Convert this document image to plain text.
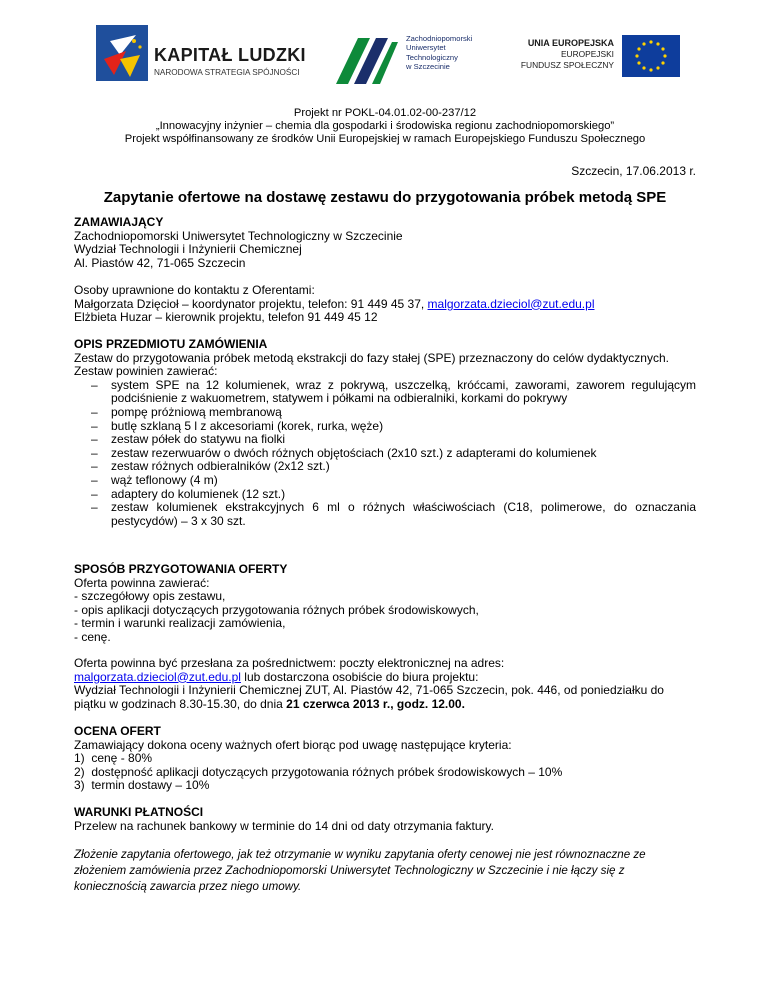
KAPITAŁ LUDZKI
NARODOWA STRATEGIA SPÓJNOŚCI
Zachodniopomorski
Uniwersytet
Technologiczny
w Szczecinie
UNIA EUROPEJSKA
EUROPEJSKI
FUNDUSZ SPOŁECZNY
Projekt nr POKL-04.01.02-00-237/12
„Innowacyjny inżynier – chemia dla gospodarki i środowiska regionu zachodniopomorskiego”
Projekt współfinansowany ze środków Unii Europejskiej w ramach Europejskiego Funduszu Społecznego
Szczecin, 17.06.2013 r.
Zapytanie ofertowe na dostawę zestawu do przygotowania próbek metodą SPE
ZAMAWIAJĄCY
Zachodniopomorski Uniwersytet Technologiczny w Szczecinie
Wydział Technologii i Inżynierii Chemicznej
Al. Piastów 42, 71-065 Szczecin
Osoby uprawnione do kontaktu z Oferentami:
Małgorzata Dzięcioł – koordynator projektu, telefon: 91 449 45 37, malgorzata.dzieciol@zut.edu.pl
Elżbieta Huzar – kierownik projektu, telefon 91 449 45 12
OPIS PRZEDMIOTU ZAMÓWIENIA
Zestaw do przygotowania próbek metodą ekstrakcji do fazy stałej (SPE) przeznaczony do celów dydaktycznych.
Zestaw powinien zawierać:
– system SPE na 12 kolumienek, wraz z pokrywą, uszczelką, króćcami, zaworami, zaworem regulującym podciśnienie z wakuometrem, statywem i półkami na odbieralniki, korkami do pokrywy
– pompę próżniową membranową
– butlę szklaną 5 l z akcesoriami (korek, rurka, węże)
– zestaw półek do statywu na fiolki
– zestaw rezerwuarów o dwóch różnych objętościach (2x10 szt.) z adapterami do kolumienek
– zestaw różnych odbieralników (2x12 szt.)
– wąż teflonowy (4 m)
– adaptery do kolumienek (12 szt.)
– zestaw kolumienek ekstrakcyjnych 6 ml o różnych właściwościach (C18, polimerowe, do oznaczania pestycydów) – 3 x 30 szt.
SPOSÓB PRZYGOTOWANIA OFERTY
Oferta powinna zawierać:
- szczegółowy opis zestawu,
- opis aplikacji dotyczących przygotowania różnych próbek środowiskowych,
- termin i warunki realizacji zamówienia,
- cenę.
Oferta powinna być przesłana za pośrednictwem: poczty elektronicznej na adres:
malgorzata.dzieciol@zut.edu.pl lub dostarczona osobiście do biura projektu:
Wydział Technologii i Inżynierii Chemicznej ZUT, Al. Piastów 42, 71-065 Szczecin, pok. 446, od poniedziałku do piątku w godzinach 8.30-15.30, do dnia 21 czerwca 2013 r., godz. 12.00.
OCENA OFERT
Zamawiający dokona oceny ważnych ofert biorąc pod uwagę następujące kryteria:
1)  cenę - 80%
2)  dostępność aplikacji dotyczących przygotowania różnych próbek środowiskowych – 10%
3)  termin dostawy – 10%
WARUNKI PŁATNOŚCI
Przelew na rachunek bankowy w terminie do 14 dni od daty otrzymania faktury.
Złożenie zapytania ofertowego, jak też otrzymanie w wyniku zapytania oferty cenowej nie jest równoznaczne ze złożeniem zamówienia przez Zachodniopomorski Uniwersytet Technologiczny w Szczecinie i nie łączy się z koniecznością zawarcia przez niego umowy.
